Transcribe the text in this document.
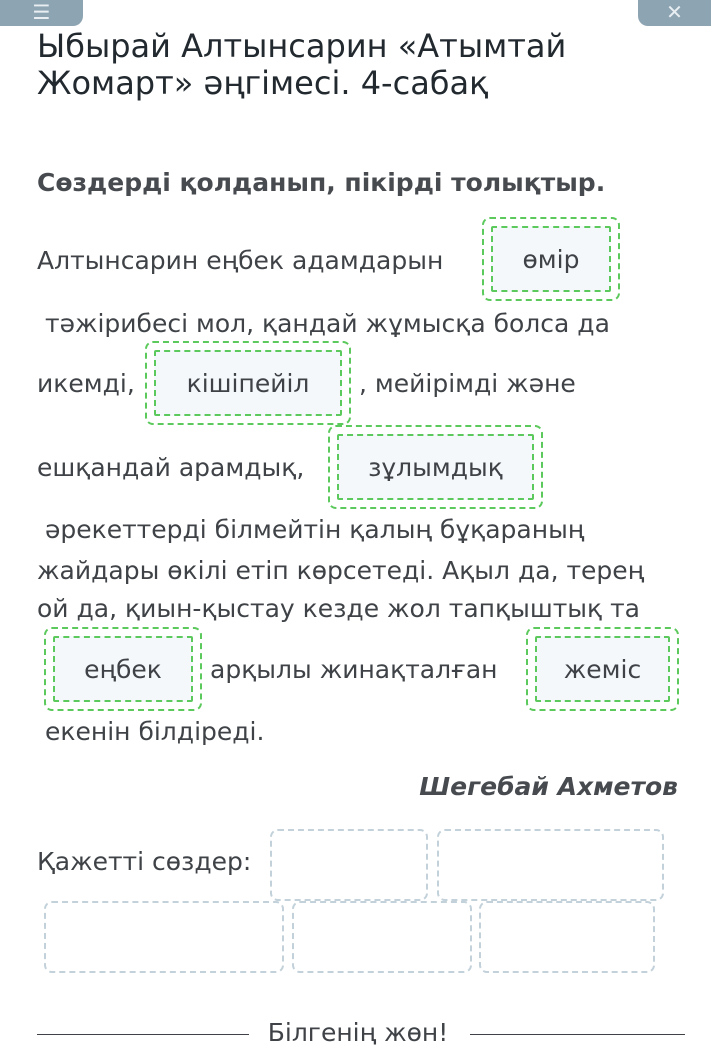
☰	✕
Ыбырай Алтынсарин «Атымтай Жомарт» әңгімесі. 4-сабақ

Сөздерді қолданып, пікірді толықтыр.

Алтынсарин еңбек адамдарын	өмір
тәжірибесі мол, қандай жұмысқа болса да
икемді,	кішіпейіл	, мейірімді және
ешқандай арамдық,	зұлымдық
әрекеттерді білмейтін қалың бұқараның
жайдары өкілі етіп көрсетеді. Ақыл да, терең
ой да, қиын-қыстау кезде жол тапқыштық та
еңбек	арқылы жинақталған	жеміс
екенін білдіреді.

Шегебай Ахметов

Қажетті сөздер:
Білгенің жөн!
